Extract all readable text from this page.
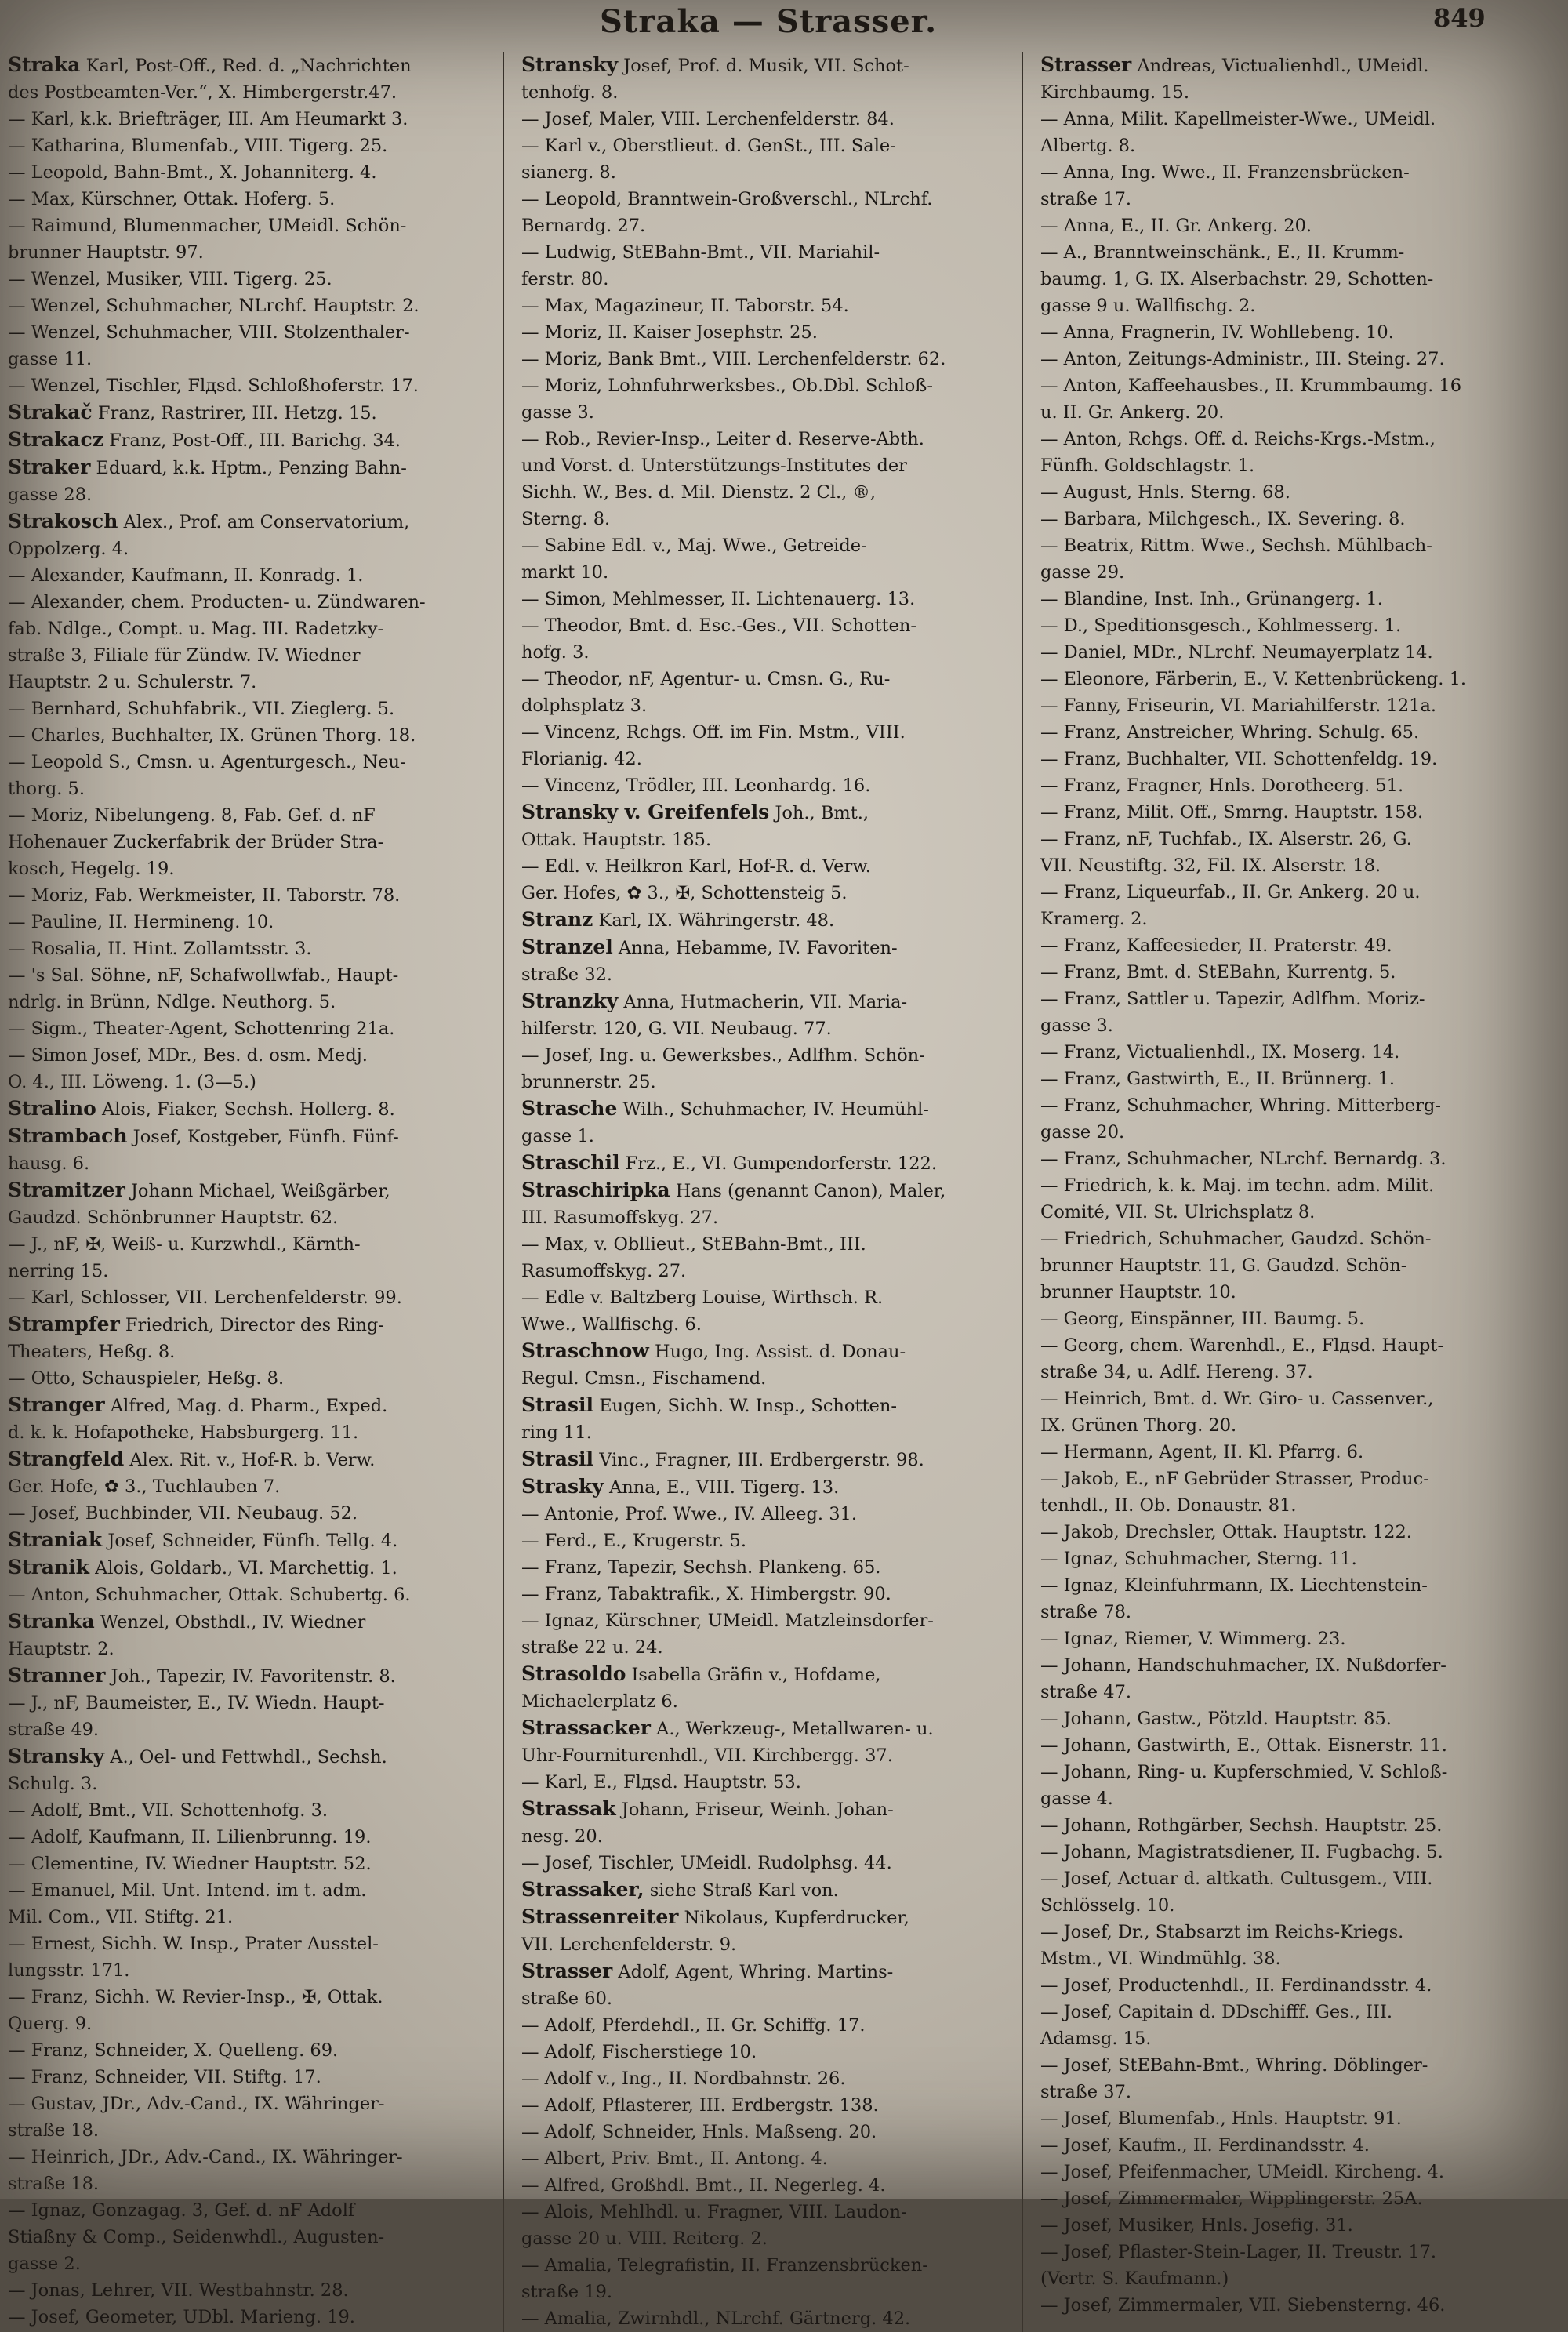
Straka — Strasser.	849
Straka Karl, Post-Off., Red. d. „Nachrichten
des Postbeamten-Ver.“, X. Himbergerstr.47.
— Karl, k.k. Briefträger, III. Am Heumarkt 3.
— Katharina, Blumenfab., VIII. Tigerg. 25.
— Leopold, Bahn-Bmt., X. Johanniterg. 4.
— Max, Kürschner, Ottak. Hoferg. 5.
— Raimund, Blumenmacher, UMeidl. Schön-
brunner Hauptstr. 97.
— Wenzel, Musiker, VIII. Tigerg. 25.
— Wenzel, Schuhmacher, NLrchf. Hauptstr. 2.
— Wenzel, Schuhmacher, VIII. Stolzenthaler-
gasse 11.
— Wenzel, Tischler, Flдsd. Schloßhoferstr. 17.
Strakač Franz, Rastrirer, III. Hetzg. 15.
Strakacz Franz, Post-Off., III. Barichg. 34.
Straker Eduard, k.k. Hptm., Penzing Bahn-
gasse 28.
Strakosch Alex., Prof. am Conservatorium,
Oppolzerg. 4.
— Alexander, Kaufmann, II. Konradg. 1.
— Alexander, chem. Producten- u. Zündwaren-
fab. Ndlge., Compt. u. Mag. III. Radetzky-
straße 3, Filiale für Zündw. IV. Wiedner
Hauptstr. 2 u. Schulerstr. 7.
— Bernhard, Schuhfabrik., VII. Zieglerg. 5.
— Charles, Buchhalter, IX. Grünen Thorg. 18.
— Leopold S., Cmsn. u. Agenturgesch., Neu-
thorg. 5.
— Moriz, Nibelungeng. 8, Fab. Gef. d. nF
Hohenauer Zuckerfabrik der Brüder Stra-
kosch, Hegelg. 19.
— Moriz, Fab. Werkmeister, II. Taborstr. 78.
— Pauline, II. Hermineng. 10.
— Rosalia, II. Hint. Zollamtsstr. 3.
— 's Sal. Söhne, nF, Schafwollwfab., Haupt-
ndrlg. in Brünn, Ndlge. Neuthorg. 5.
— Sigm., Theater-Agent, Schottenring 21a.
— Simon Josef, MDr., Bes. d. osm. Medj.
O. 4., III. Löweng. 1. (3—5.)
Stralino Alois, Fiaker, Sechsh. Hollerg. 8.
Strambach Josef, Kostgeber, Fünfh. Fünf-
hausg. 6.
Stramitzer Johann Michael, Weißgärber,
Gaudzd. Schönbrunner Hauptstr. 62.
— J., nF, ✠, Weiß- u. Kurzwhdl., Kärnth-
nerring 15.
— Karl, Schlosser, VII. Lerchenfelderstr. 99.
Strampfer Friedrich, Director des Ring-
Theaters, Heßg. 8.
— Otto, Schauspieler, Heßg. 8.
Stranger Alfred, Mag. d. Pharm., Exped.
d. k. k. Hofapotheke, Habsburgerg. 11.
Strangfeld Alex. Rit. v., Hof-R. b. Verw.
Ger. Hofe, ✿ 3., Tuchlauben 7.
— Josef, Buchbinder, VII. Neubaug. 52.
Straniak Josef, Schneider, Fünfh. Tellg. 4.
Stranik Alois, Goldarb., VI. Marchettig. 1.
— Anton, Schuhmacher, Ottak. Schubertg. 6.
Stranka Wenzel, Obsthdl., IV. Wiedner
Hauptstr. 2.
Stranner Joh., Tapezir, IV. Favoritenstr. 8.
— J., nF, Baumeister, E., IV. Wiedn. Haupt-
straße 49.
Stransky A., Oel- und Fettwhdl., Sechsh.
Schulg. 3.
— Adolf, Bmt., VII. Schottenhofg. 3.
— Adolf, Kaufmann, II. Lilienbrunng. 19.
— Clementine, IV. Wiedner Hauptstr. 52.
— Emanuel, Mil. Unt. Intend. im t. adm.
Mil. Com., VII. Stiftg. 21.
— Ernest, Sichh. W. Insp., Prater Ausstel-
lungsstr. 171.
— Franz, Sichh. W. Revier-Insp., ✠, Ottak.
Querg. 9.
— Franz, Schneider, X. Quelleng. 69.
— Franz, Schneider, VII. Stiftg. 17.
— Gustav, JDr., Adv.-Cand., IX. Währinger-
straße 18.
— Heinrich, JDr., Adv.-Cand., IX. Währinger-
straße 18.
— Ignaz, Gonzagag. 3, Gef. d. nF Adolf
Stiaßny & Comp., Seidenwhdl., Augusten-
gasse 2.
— Jonas, Lehrer, VII. Westbahnstr. 28.
— Josef, Geometer, UDbl. Marieng. 19.
Stransky Josef, Prof. d. Musik, VII. Schot-
tenhofg. 8.
— Josef, Maler, VIII. Lerchenfelderstr. 84.
— Karl v., Oberstlieut. d. GenSt., III. Sale-
sianerg. 8.
— Leopold, Branntwein-Großverschl., NLrchf.
Bernardg. 27.
— Ludwig, StEBahn-Bmt., VII. Mariahil-
ferstr. 80.
— Max, Magazineur, II. Taborstr. 54.
— Moriz, II. Kaiser Josephstr. 25.
— Moriz, Bank Bmt., VIII. Lerchenfelderstr. 62.
— Moriz, Lohnfuhrwerksbes., Ob.Dbl. Schloß-
gasse 3.
— Rob., Revier-Insp., Leiter d. Reserve-Abth.
und Vorst. d. Unterstützungs-Institutes der
Sichh. W., Bes. d. Mil. Dienstz. 2 Cl., ®,
Sterng. 8.
— Sabine Edl. v., Maj. Wwe., Getreide-
markt 10.
— Simon, Mehlmesser, II. Lichtenauerg. 13.
— Theodor, Bmt. d. Esc.-Ges., VII. Schotten-
hofg. 3.
— Theodor, nF, Agentur- u. Cmsn. G., Ru-
dolphsplatz 3.
— Vincenz, Rchgs. Off. im Fin. Mstm., VIII.
Florianig. 42.
— Vincenz, Trödler, III. Leonhardg. 16.
Stransky v. Greifenfels Joh., Bmt.,
Ottak. Hauptstr. 185.
— Edl. v. Heilkron Karl, Hof-R. d. Verw.
Ger. Hofes, ✿ 3., ✠, Schottensteig 5.
Stranz Karl, IX. Währingerstr. 48.
Stranzel Anna, Hebamme, IV. Favoriten-
straße 32.
Stranzky Anna, Hutmacherin, VII. Maria-
hilferstr. 120, G. VII. Neubaug. 77.
— Josef, Ing. u. Gewerksbes., Adlfhm. Schön-
brunnerstr. 25.
Strasche Wilh., Schuhmacher, IV. Heumühl-
gasse 1.
Straschil Frz., E., VI. Gumpendorferstr. 122.
Straschiripka Hans (genannt Canon), Maler,
III. Rasumoffskyg. 27.
— Max, v. Obllieut., StEBahn-Bmt., III.
Rasumoffskyg. 27.
— Edle v. Baltzberg Louise, Wirthsch. R.
Wwe., Wallfischg. 6.
Straschnow Hugo, Ing. Assist. d. Donau-
Regul. Cmsn., Fischamend.
Strasil Eugen, Sichh. W. Insp., Schotten-
ring 11.
Strasil Vinc., Fragner, III. Erdbergerstr. 98.
Strasky Anna, E., VIII. Tigerg. 13.
— Antonie, Prof. Wwe., IV. Alleeg. 31.
— Ferd., E., Krugerstr. 5.
— Franz, Tapezir, Sechsh. Plankeng. 65.
— Franz, Tabaktrafik., X. Himbergstr. 90.
— Ignaz, Kürschner, UMeidl. Matzleinsdorfer-
straße 22 u. 24.
Strasoldo Isabella Gräfin v., Hofdame,
Michaelerplatz 6.
Strassacker A., Werkzeug-, Metallwaren- u.
Uhr-Fourniturenhdl., VII. Kirchbergg. 37.
— Karl, E., Flдsd. Hauptstr. 53.
Strassak Johann, Friseur, Weinh. Johan-
nesg. 20.
— Josef, Tischler, UMeidl. Rudolphsg. 44.
Strassaker, siehe Straß Karl von.
Strassenreiter Nikolaus, Kupferdrucker,
VII. Lerchenfelderstr. 9.
Strasser Adolf, Agent, Whring. Martins-
straße 60.
— Adolf, Pferdehdl., II. Gr. Schiffg. 17.
— Adolf, Fischerstiege 10.
— Adolf v., Ing., II. Nordbahnstr. 26.
— Adolf, Pflasterer, III. Erdbergstr. 138.
— Adolf, Schneider, Hnls. Maßseng. 20.
— Albert, Priv. Bmt., II. Antong. 4.
— Alfred, Großhdl. Bmt., II. Negerleg. 4.
— Alois, Mehlhdl. u. Fragner, VIII. Laudon-
gasse 20 u. VIII. Reiterg. 2.
— Amalia, Telegrafistin, II. Franzensbrücken-
straße 19.
— Amalia, Zwirnhdl., NLrchf. Gärtnerg. 42.
Strasser Andreas, Victualienhdl., UMeidl.
Kirchbaumg. 15.
— Anna, Milit. Kapellmeister-Wwe., UMeidl.
Albertg. 8.
— Anna, Ing. Wwe., II. Franzensbrücken-
straße 17.
— Anna, E., II. Gr. Ankerg. 20.
— A., Branntweinschänk., E., II. Krumm-
baumg. 1, G. IX. Alserbachstr. 29, Schotten-
gasse 9 u. Wallfischg. 2.
— Anna, Fragnerin, IV. Wohllebeng. 10.
— Anton, Zeitungs-Administr., III. Steing. 27.
— Anton, Kaffeehausbes., II. Krummbaumg. 16
u. II. Gr. Ankerg. 20.
— Anton, Rchgs. Off. d. Reichs-Krgs.-Mstm.,
Fünfh. Goldschlagstr. 1.
— August, Hnls. Sterng. 68.
— Barbara, Milchgesch., IX. Severing. 8.
— Beatrix, Rittm. Wwe., Sechsh. Mühlbach-
gasse 29.
— Blandine, Inst. Inh., Grünangerg. 1.
— D., Speditionsgesch., Kohlmesserg. 1.
— Daniel, MDr., NLrchf. Neumayerplatz 14.
— Eleonore, Färberin, E., V. Kettenbrückeng. 1.
— Fanny, Friseurin, VI. Mariahilferstr. 121a.
— Franz, Anstreicher, Whring. Schulg. 65.
— Franz, Buchhalter, VII. Schottenfeldg. 19.
— Franz, Fragner, Hnls. Dorotheerg. 51.
— Franz, Milit. Off., Smrng. Hauptstr. 158.
— Franz, nF, Tuchfab., IX. Alserstr. 26, G.
VII. Neustiftg. 32, Fil. IX. Alserstr. 18.
— Franz, Liqueurfab., II. Gr. Ankerg. 20 u.
Kramerg. 2.
— Franz, Kaffeesieder, II. Praterstr. 49.
— Franz, Bmt. d. StEBahn, Kurrentg. 5.
— Franz, Sattler u. Tapezir, Adlfhm. Moriz-
gasse 3.
— Franz, Victualienhdl., IX. Moserg. 14.
— Franz, Gastwirth, E., II. Brünnerg. 1.
— Franz, Schuhmacher, Whring. Mitterberg-
gasse 20.
— Franz, Schuhmacher, NLrchf. Bernardg. 3.
— Friedrich, k. k. Maj. im techn. adm. Milit.
Comité, VII. St. Ulrichsplatz 8.
— Friedrich, Schuhmacher, Gaudzd. Schön-
brunner Hauptstr. 11, G. Gaudzd. Schön-
brunner Hauptstr. 10.
— Georg, Einspänner, III. Baumg. 5.
— Georg, chem. Warenhdl., E., Flдsd. Haupt-
straße 34, u. Adlf. Hereng. 37.
— Heinrich, Bmt. d. Wr. Giro- u. Cassenver.,
IX. Grünen Thorg. 20.
— Hermann, Agent, II. Kl. Pfarrg. 6.
— Jakob, E., nF Gebrüder Strasser, Produc-
tenhdl., II. Ob. Donaustr. 81.
— Jakob, Drechsler, Ottak. Hauptstr. 122.
— Ignaz, Schuhmacher, Sterng. 11.
— Ignaz, Kleinfuhrmann, IX. Liechtenstein-
straße 78.
— Ignaz, Riemer, V. Wimmerg. 23.
— Johann, Handschuhmacher, IX. Nußdorfer-
straße 47.
— Johann, Gastw., Pötzld. Hauptstr. 85.
— Johann, Gastwirth, E., Ottak. Eisnerstr. 11.
— Johann, Ring- u. Kupferschmied, V. Schloß-
gasse 4.
— Johann, Rothgärber, Sechsh. Hauptstr. 25.
— Johann, Magistratsdiener, II. Fugbachg. 5.
— Josef, Actuar d. altkath. Cultusgem., VIII.
Schlösselg. 10.
— Josef, Dr., Stabsarzt im Reichs-Kriegs.
Mstm., VI. Windmühlg. 38.
— Josef, Productenhdl., II. Ferdinandsstr. 4.
— Josef, Capitain d. DDschifff. Ges., III.
Adamsg. 15.
— Josef, StEBahn-Bmt., Whring. Döblinger-
straße 37.
— Josef, Blumenfab., Hnls. Hauptstr. 91.
— Josef, Kaufm., II. Ferdinandsstr. 4.
— Josef, Pfeifenmacher, UMeidl. Kircheng. 4.
— Josef, Zimmermaler, Wipplingerstr. 25A.
— Josef, Musiker, Hnls. Josefig. 31.
— Josef, Pflaster-Stein-Lager, II. Treustr. 17.
(Vertr. S. Kaufmann.)
— Josef, Zimmermaler, VII. Siebensterng. 46.
